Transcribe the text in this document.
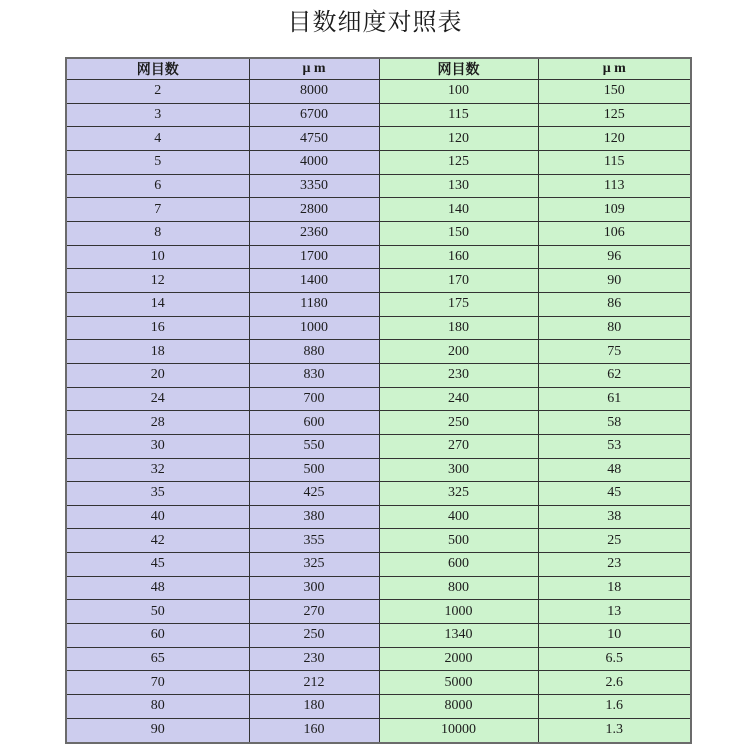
目数细度对照表
网目数	μ m	网目数	μ m
2	8000	100	150
3	6700	115	125
4	4750	120	120
5	4000	125	115
6	3350	130	113
7	2800	140	109
8	2360	150	106
10	1700	160	96
12	1400	170	90
14	1180	175	86
16	1000	180	80
18	880	200	75
20	830	230	62
24	700	240	61
28	600	250	58
30	550	270	53
32	500	300	48
35	425	325	45
40	380	400	38
42	355	500	25
45	325	600	23
48	300	800	18
50	270	1000	13
60	250	1340	10
65	230	2000	6.5
70	212	5000	2.6
80	180	8000	1.6
90	160	10000	1.3
